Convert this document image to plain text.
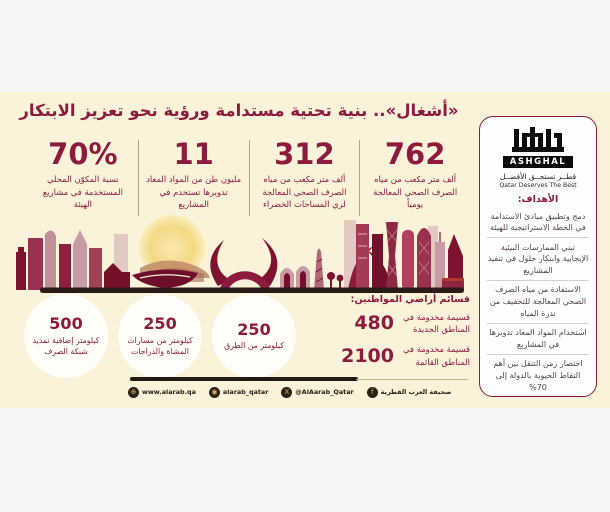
«أشغال».. بنية تحتية مستدامة ورؤية نحو تعزيز الابتكار
762
ألف متر مكعب من مياه الصرف الصحي المعالجة يومياً
312
ألف متر مكعب من مياه الصرف الصحي المعالجة لري المساحات الخضراء
11
مليون طن من المواد المعاد تدويرها تستخدم في المشاريع
70%
نسبة المكوّن المحلي المستخدمة في مشاريع الهيئة
قسائم أراضي المواطنين:
قسيمة مخدومة في المناطق الجديدة
480
قسيمة مخدومة في المناطق القائمة
2100
250
كيلومتر من الطرق
250
كيلومتر من مسارات المشاة والدراجات
500
كيلومتر إضافية تمديد شبكة الصرف
⊕ www.alarab.qa	◉ alarab_qatar	X @AlAarab_Qatar	f	صحيفة العرب القطرية
ASHGHAL
قطــر تستحــق الأفضــل
Qatar Deserves The Best
الأهداف:
دمج وتطبيق مبادئ الاستدامة في الخطة الاستراتيجية للهيئة
تبني الممارسات البيئية الإيجابية وابتكار حلول في تنفيذ المشاريع
الاستفادة من مياه الصرف الصحي المعالجة للتخفيف من ندرة المياه
استخدام المواد المعاد تدويرها في المشاريع
اختصار زمن التنقل بين أهم النقاط الحيوية بالدولة إلى 70%
